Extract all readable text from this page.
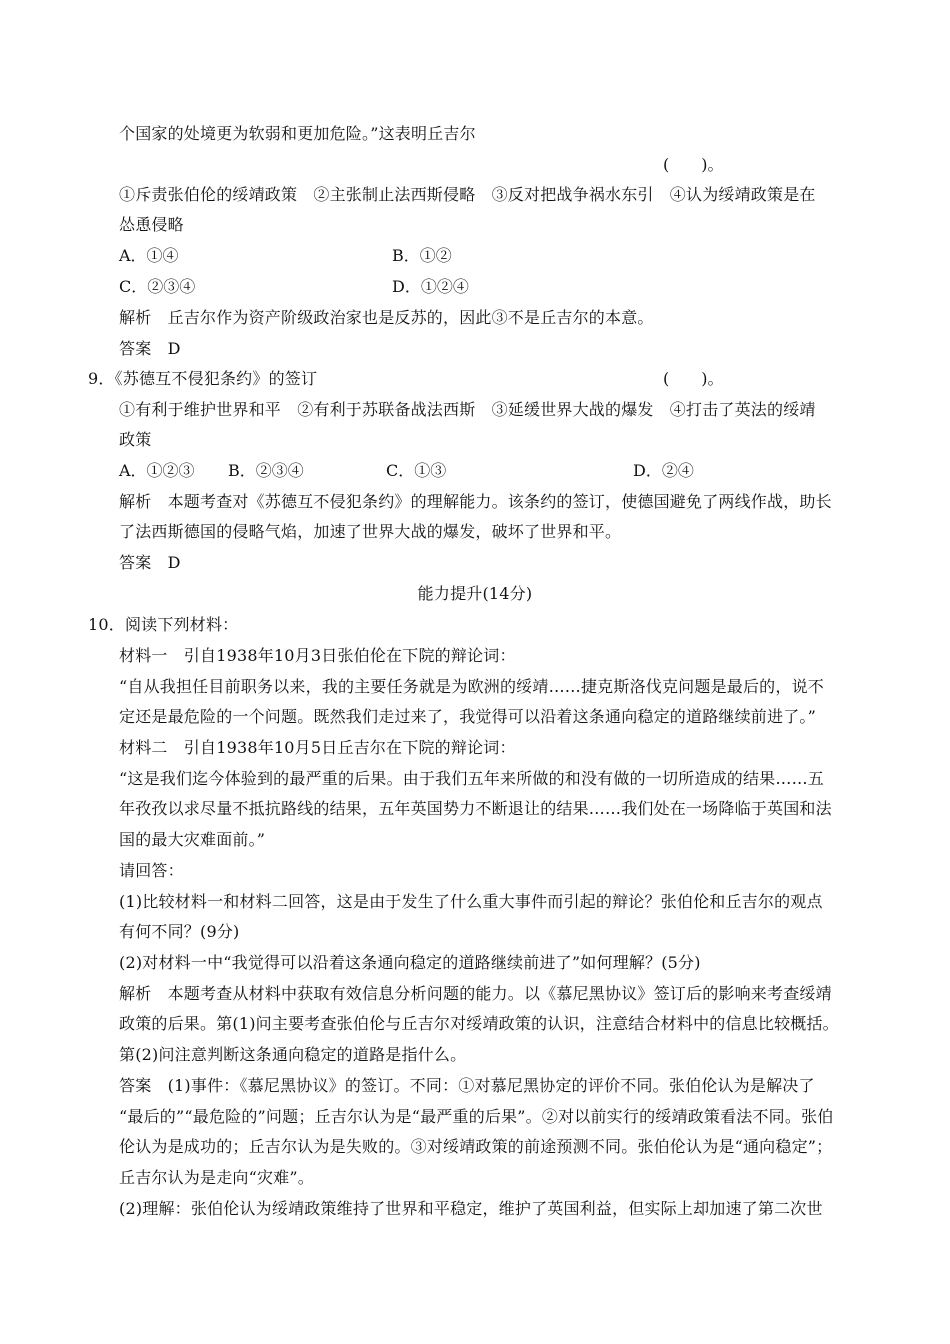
个国家的处境更为软弱和更加危险。”这表明丘吉尔
(　　)。
①斥责张伯伦的绥靖政策　②主张制止法西斯侵略　③反对把战争祸水东引　④认为绥靖政策是在
怂恿侵略
A．①④	B．①②
C．②③④	D．①②④
解析　丘吉尔作为资产阶级政治家也是反苏的，因此③不是丘吉尔的本意。
答案　D
9．《苏德互不侵犯条约》的签订	(　　)。
①有利于维护世界和平　②有利于苏联备战法西斯　③延缓世界大战的爆发　④打击了英法的绥靖
政策
A．①②③ B．②③④	C．①③	D．②④
解析　本题考查对《苏德互不侵犯条约》的理解能力。该条约的签订，使德国避免了两线作战，助长
了法西斯德国的侵略气焰，加速了世界大战的爆发，破坏了世界和平。
答案　D
能力提升(14分)
10．阅读下列材料：
材料一　引自1938年10月3日张伯伦在下院的辩论词：
“自从我担任目前职务以来，我的主要任务就是为欧洲的绥靖……捷克斯洛伐克问题是最后的，说不
定还是最危险的一个问题。既然我们走过来了，我觉得可以沿着这条通向稳定的道路继续前进了。”
材料二　引自1938年10月5日丘吉尔在下院的辩论词：
“这是我们迄今体验到的最严重的后果。由于我们五年来所做的和没有做的一切所造成的结果……五
年孜孜以求尽量不抵抗路线的结果，五年英国势力不断退让的结果……我们处在一场降临于英国和法
国的最大灾难面前。”
请回答：
(1)比较材料一和材料二回答，这是由于发生了什么重大事件而引起的辩论？张伯伦和丘吉尔的观点
有何不同？(9分)
(2)对材料一中“我觉得可以沿着这条通向稳定的道路继续前进了”如何理解？(5分)
解析　本题考查从材料中获取有效信息分析问题的能力。以《慕尼黑协议》签订后的影响来考查绥靖
政策的后果。第(1)问主要考查张伯伦与丘吉尔对绥靖政策的认识，注意结合材料中的信息比较概括。
第(2)问注意判断这条通向稳定的道路是指什么。
答案　(1)事件：《慕尼黑协议》的签订。不同：①对慕尼黑协定的评价不同。张伯伦认为是解决了
“最后的”“最危险的”问题；丘吉尔认为是“最严重的后果”。②对以前实行的绥靖政策看法不同。张伯
伦认为是成功的；丘吉尔认为是失败的。③对绥靖政策的前途预测不同。张伯伦认为是“通向稳定”；
丘吉尔认为是走向“灾难”。
(2)理解：张伯伦认为绥靖政策维持了世界和平稳定，维护了英国利益，但实际上却加速了第二次世
